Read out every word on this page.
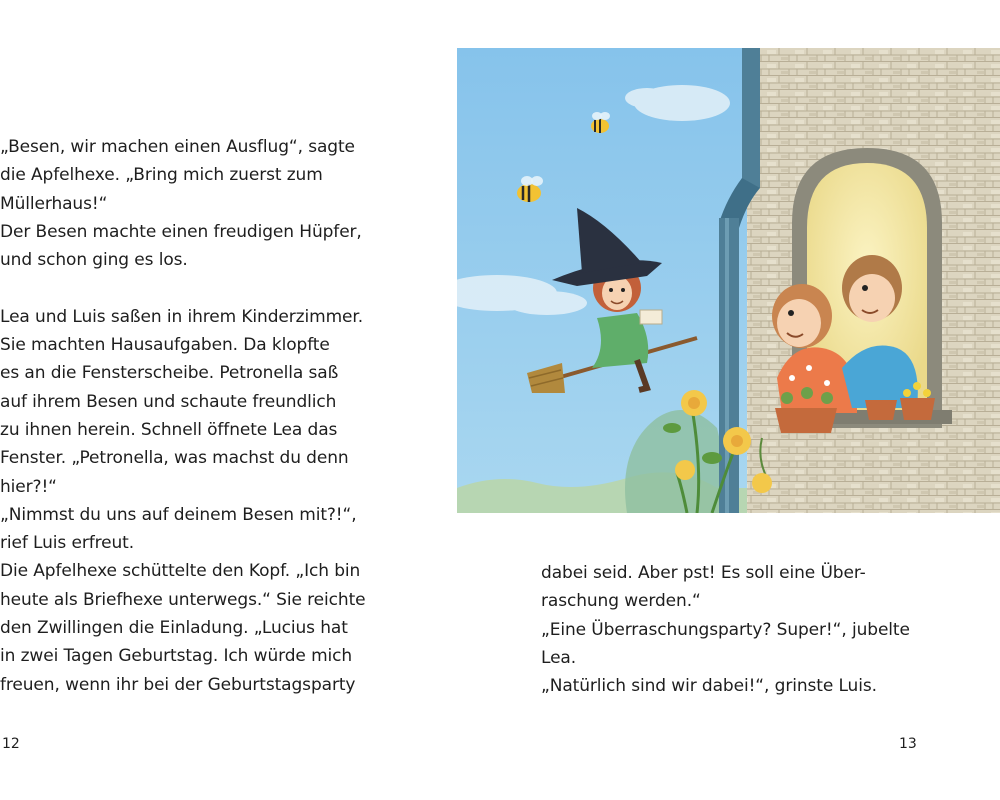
„Besen, wir machen einen Ausflug“, sagte
die Apfelhexe. „Bring mich zuerst zum
Müllerhaus!“
Der Besen machte einen freudigen Hüpfer,
und schon ging es los.
Lea und Luis saßen in ihrem Kinderzimmer.
Sie machten Hausaufgaben. Da klopfte
es an die Fensterscheibe. Petronella saß
auf ihrem Besen und schaute freundlich
zu ihnen herein. Schnell öffnete Lea das
Fenster. „Petronella, was machst du denn
hier?!“
„Nimmst du uns auf deinem Besen mit?!“,
rief Luis erfreut.
Die Apfelhexe schüttelte den Kopf. „Ich bin
heute als Briefhexe unterwegs.“ Sie reichte
den Zwillingen die Einladung. „Lucius hat
in zwei Tagen Geburtstag. Ich würde mich
freuen, wenn ihr bei der Geburtstagsparty
12
dabei seid. Aber pst! Es soll eine Über-
raschung werden.“
„Eine Überraschungsparty? Super!“, jubelte
Lea.
„Natürlich sind wir dabei!“, grinste Luis.
13
